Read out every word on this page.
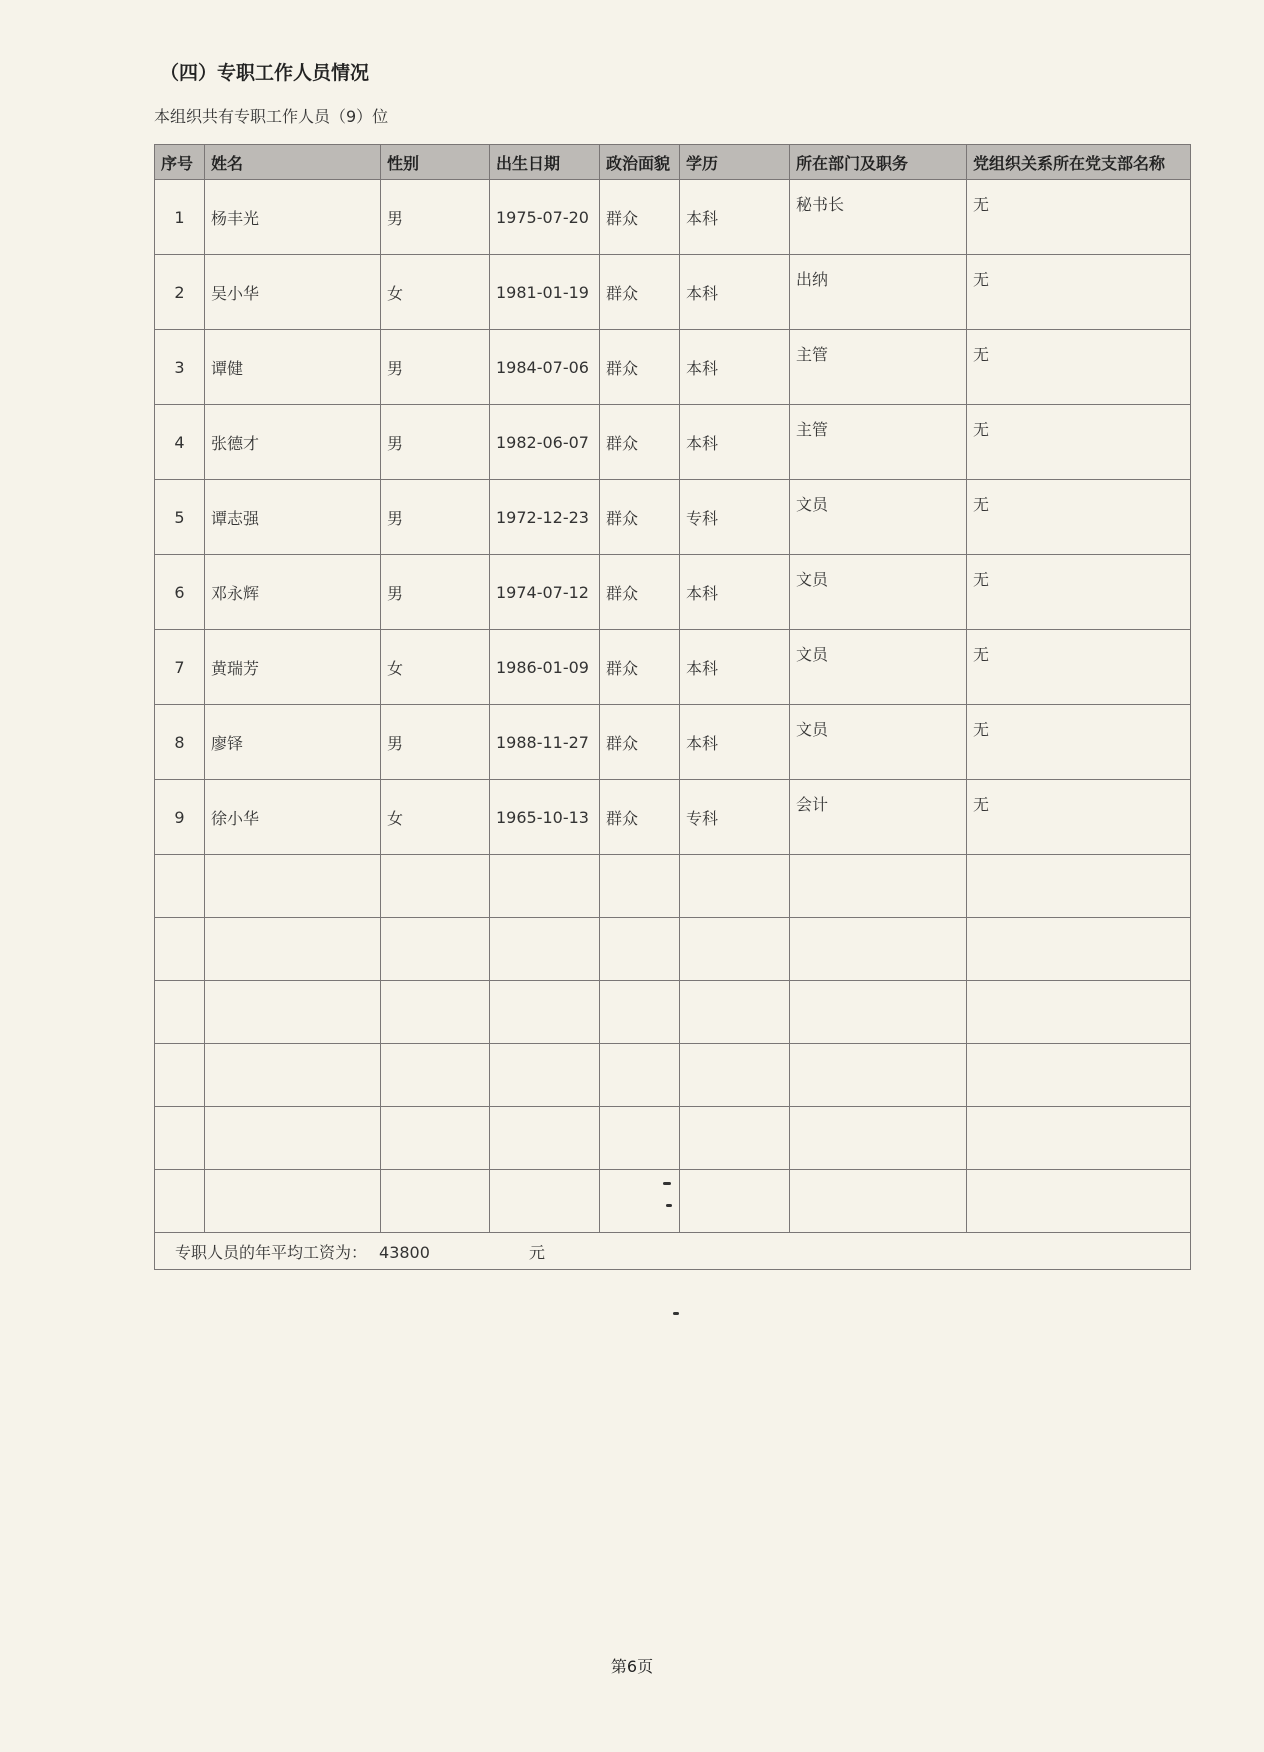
（四）专职工作人员情况
本组织共有专职工作人员（9）位
序号	姓名	性别	出生日期	政治面貌	学历	所在部门及职务	党组织关系所在党支部名称
1	杨丰光	男	1975-07-20	群众	本科	秘书长	无
2	吴小华	女	1981-01-19	群众	本科	出纳	无
3	谭健	男	1984-07-06	群众	本科	主管	无
4	张德才	男	1982-06-07	群众	本科	主管	无
5	谭志强	男	1972-12-23	群众	专科	文员	无
6	邓永辉	男	1974-07-12	群众	本科	文员	无
7	黄瑞芳	女	1986-01-09	群众	本科	文员	无
8	廖铎	男	1988-11-27	群众	本科	文员	无
9	徐小华	女	1965-10-13	群众	专科	会计	无

专职人员的年平均工资为： 43800 元							
第6页
